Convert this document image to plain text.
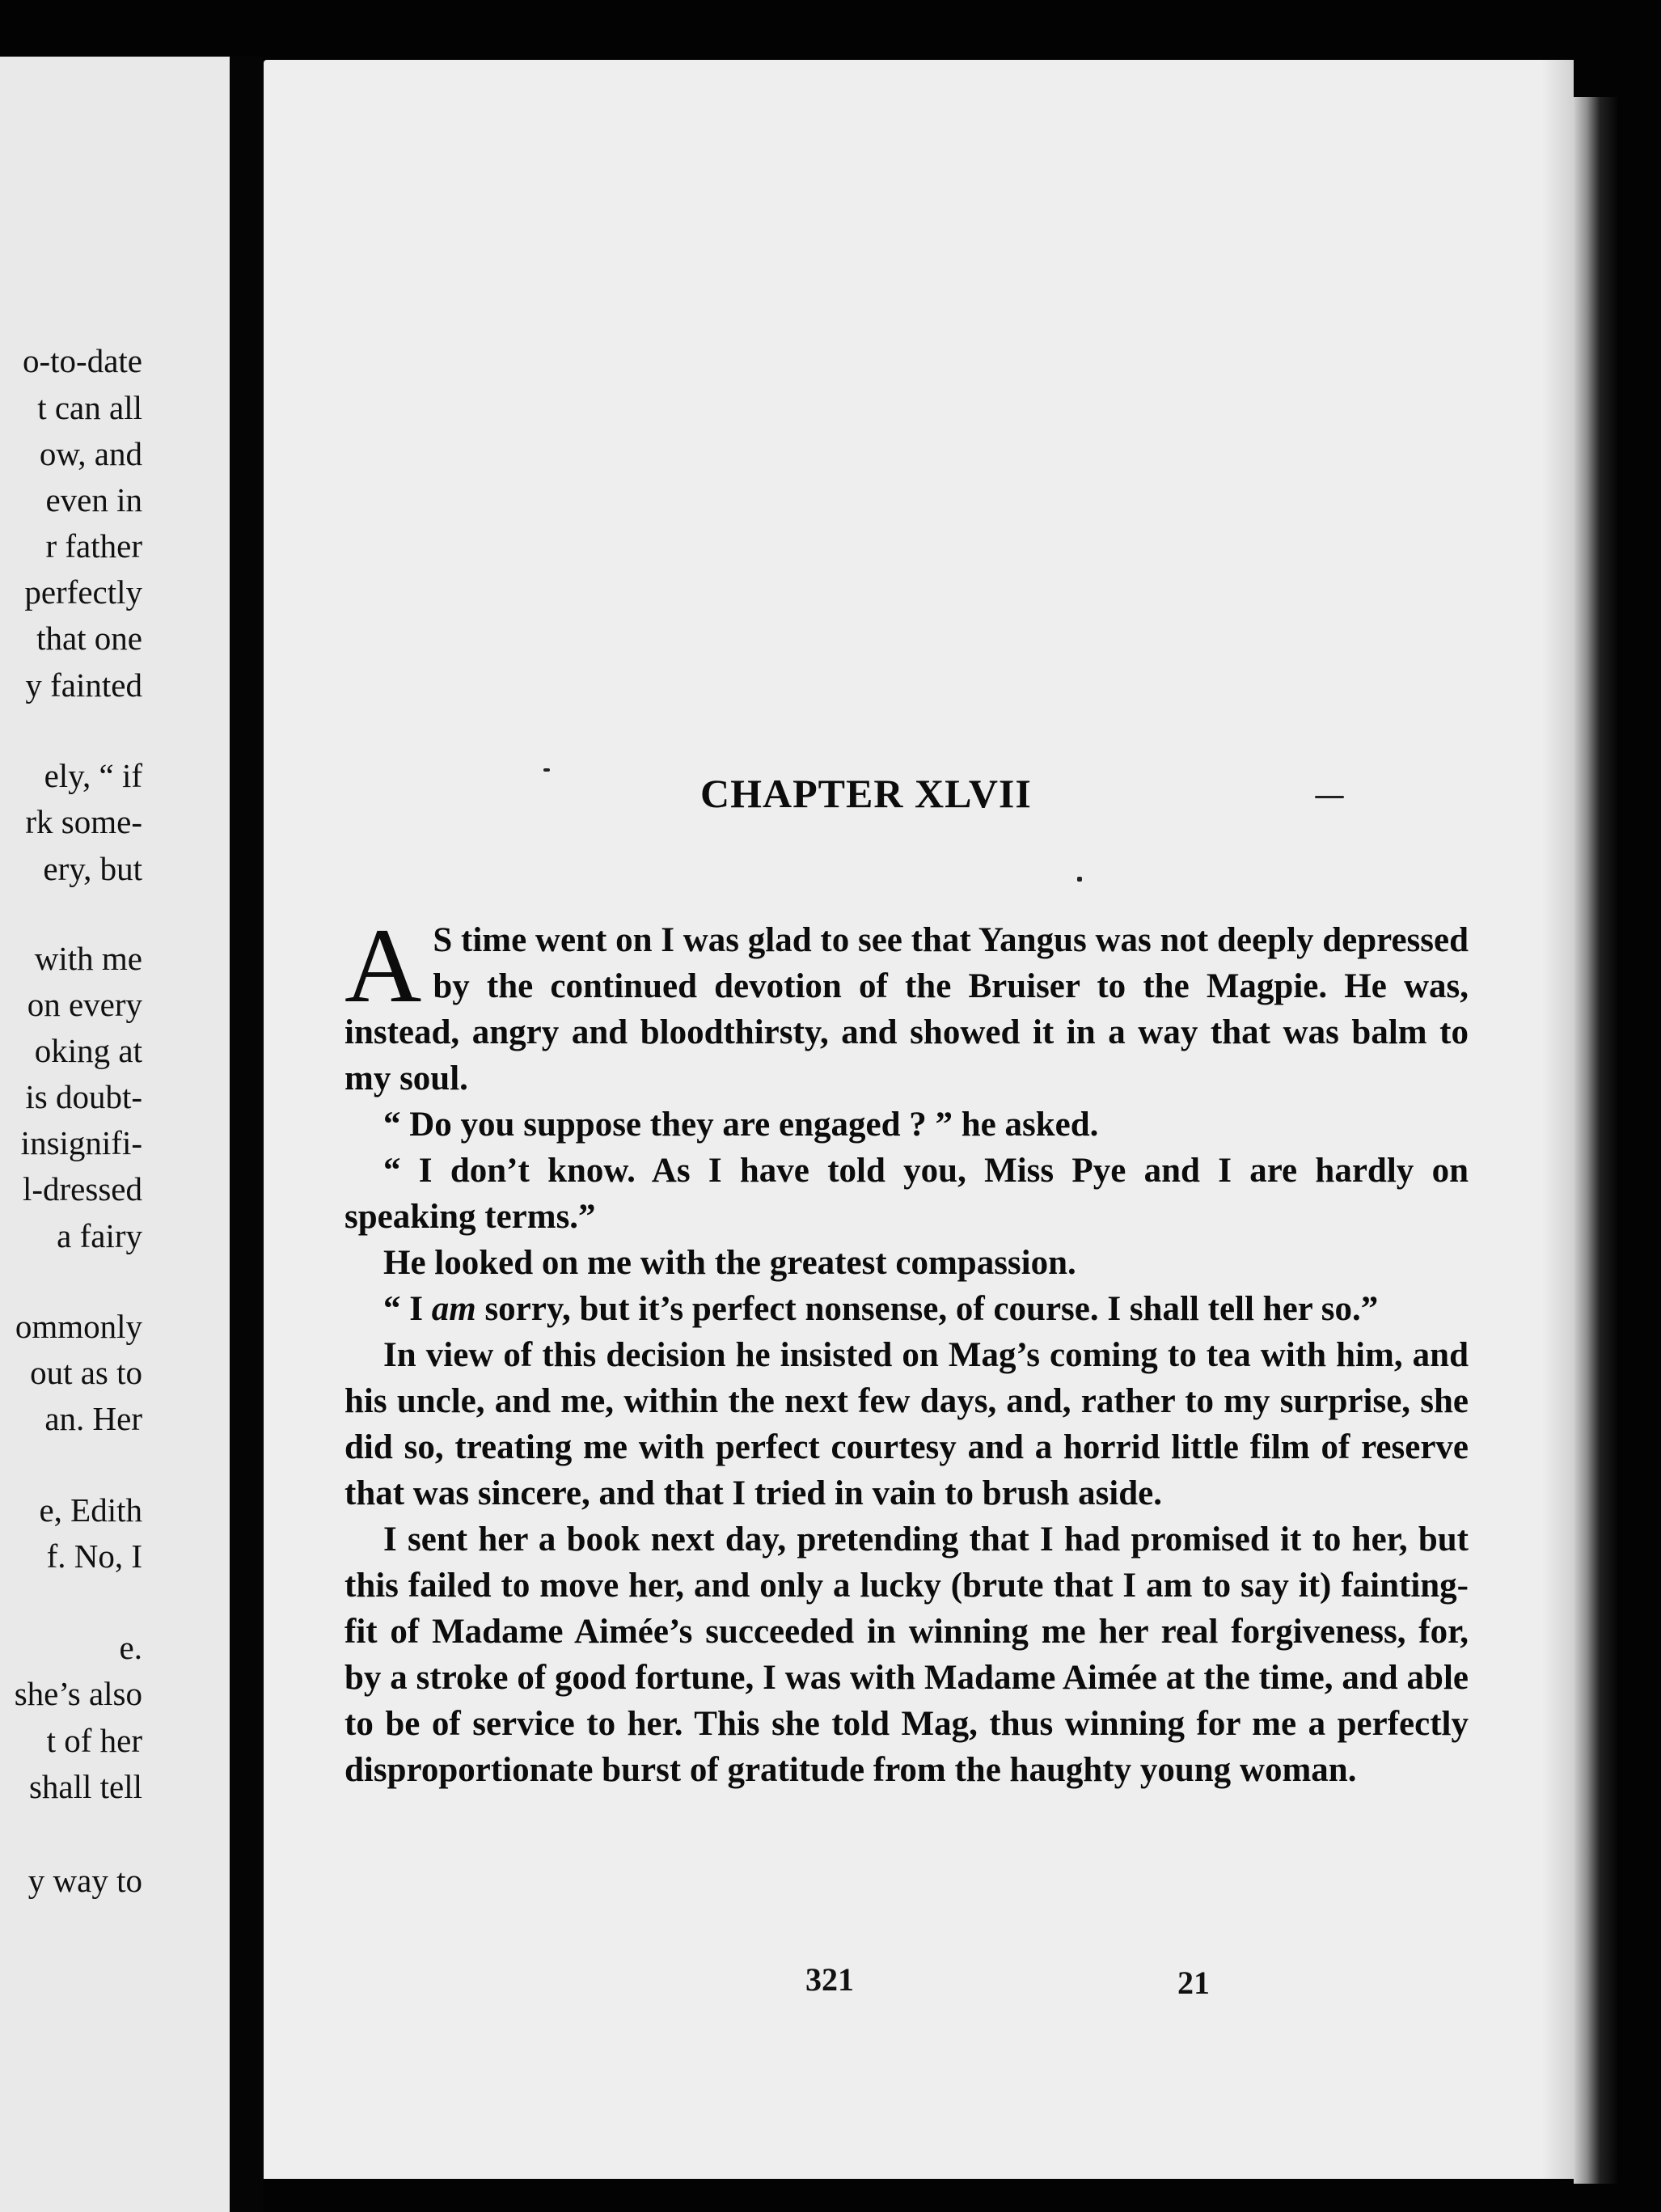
o-to-date
t can all
ow, and
even in
r father
perfectly
that one
y fainted
ely, “ if
rk some-
ery, but
with me
on every
oking at
is doubt-
insignifi-
l-dressed
a fairy
ommonly
out as to
an. Her
e, Edith
f. No, I
e.
she’s also
t of her
shall tell
y way to
CHAPTER XLVII

A S time went on I was glad to see that Yangus was not deeply depressed by the continued devotion of the Bruiser to the Magpie. He was, instead, angry and bloodthirsty, and showed it in a way that was balm to my soul.

“ Do you suppose they are engaged ? ” he asked.

“ I don’t know. As I have told you, Miss Pye and I are hardly on speaking terms.”

He looked on me with the greatest compassion.

“ I am sorry, but it’s perfect nonsense, of course. I shall tell her so.”

In view of this decision he insisted on Mag’s coming to tea with him, and his uncle, and me, within the next few days, and, rather to my surprise, she did so, treating me with perfect courtesy and a horrid little film of reserve that was sincere, and that I tried in vain to brush aside.

I sent her a book next day, pretending that I had promised it to her, but this failed to move her, and only a lucky (brute that I am to say it) fainting-fit of Madame Aimée’s succeeded in winning me her real forgiveness, for, by a stroke of good fortune, I was with Madame Aimée at the time, and able to be of service to her. This she told Mag, thus winning for me a perfectly disproportionate burst of gratitude from the haughty young woman.

321	21
